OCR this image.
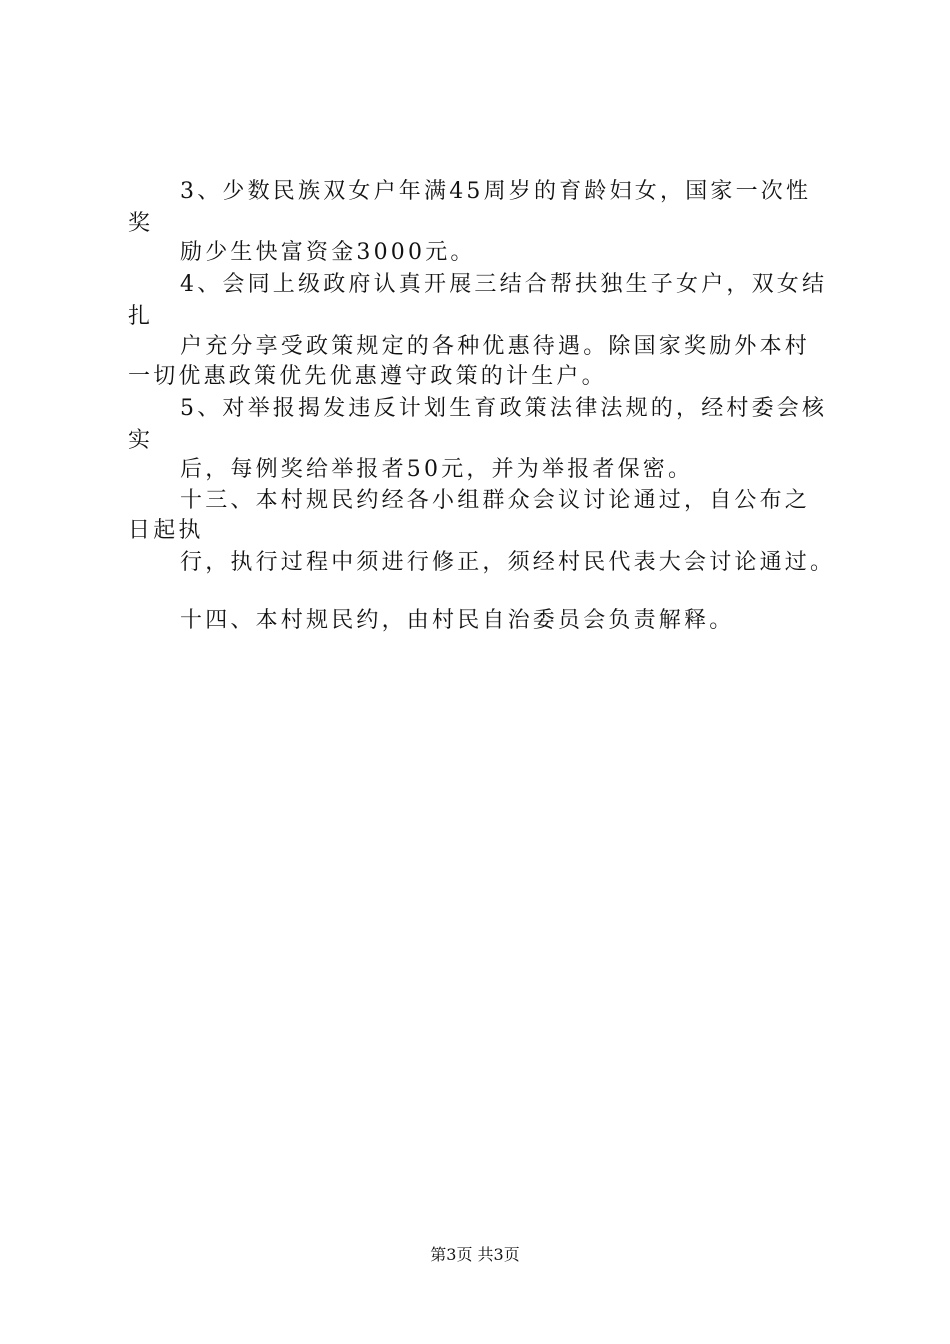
3、少数民族双女户年满45周岁的育龄妇女，国家一次性
奖
励少生快富资金3000元。
4、会同上级政府认真开展三结合帮扶独生子女户，双女结
扎
户充分享受政策规定的各种优惠待遇。除国家奖励外本村
一切优惠政策优先优惠遵守政策的计生户。
5、对举报揭发违反计划生育政策法律法规的，经村委会核
实
后，每例奖给举报者50元，并为举报者保密。
十三、本村规民约经各小组群众会议讨论通过，自公布之
日起执
行，执行过程中须进行修正，须经村民代表大会讨论通过。
十四、本村规民约，由村民自治委员会负责解释。
第3页 共3页
